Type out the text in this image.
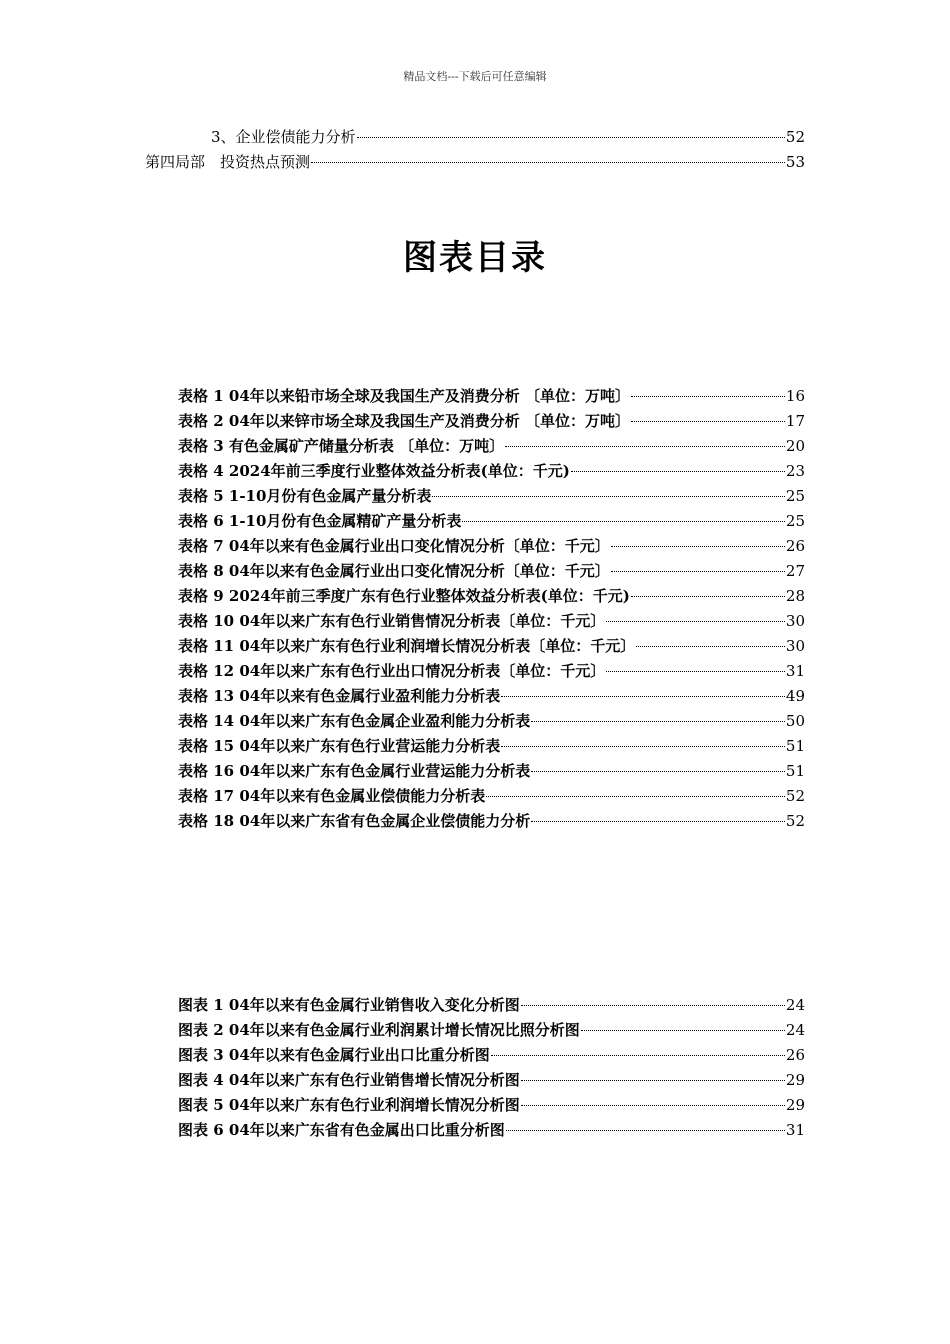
精品文档---下载后可任意编辑
3、企业偿债能力分析	52
第四局部　投资热点预测	53
图表目录
表格 1 04年以来铅市场全球及我国生产及消费分析 〔单位：万吨〕	16
表格 2 04年以来锌市场全球及我国生产及消费分析 〔单位：万吨〕	17
表格 3 有色金属矿产储量分析表 〔单位：万吨〕	20
表格 4 2024年前三季度行业整体效益分析表(单位：千元)	23
表格 5 1-10月份有色金属产量分析表	25
表格 6 1-10月份有色金属精矿产量分析表	25
表格 7 04年以来有色金属行业出口变化情况分析〔单位：千元〕	26
表格 8 04年以来有色金属行业出口变化情况分析〔单位：千元〕	27
表格 9 2024年前三季度广东有色行业整体效益分析表(单位：千元)	28
表格 10 04年以来广东有色行业销售情况分析表〔单位：千元〕	30
表格 11 04年以来广东有色行业利润增长情况分析表〔单位：千元〕	30
表格 12 04年以来广东有色行业出口情况分析表〔单位：千元〕	31
表格 13 04年以来有色金属行业盈利能力分析表	49
表格 14 04年以来广东有色金属企业盈利能力分析表	50
表格 15 04年以来广东有色行业营运能力分析表	51
表格 16 04年以来广东有色金属行业营运能力分析表	51
表格 17 04年以来有色金属业偿债能力分析表	52
表格 18 04年以来广东省有色金属企业偿债能力分析	52
图表 1 04年以来有色金属行业销售收入变化分析图	24
图表 2 04年以来有色金属行业利润累计增长情况比照分析图	24
图表 3 04年以来有色金属行业出口比重分析图	26
图表 4 04年以来广东有色行业销售增长情况分析图	29
图表 5 04年以来广东有色行业利润增长情况分析图	29
图表 6 04年以来广东省有色金属出口比重分析图	31
